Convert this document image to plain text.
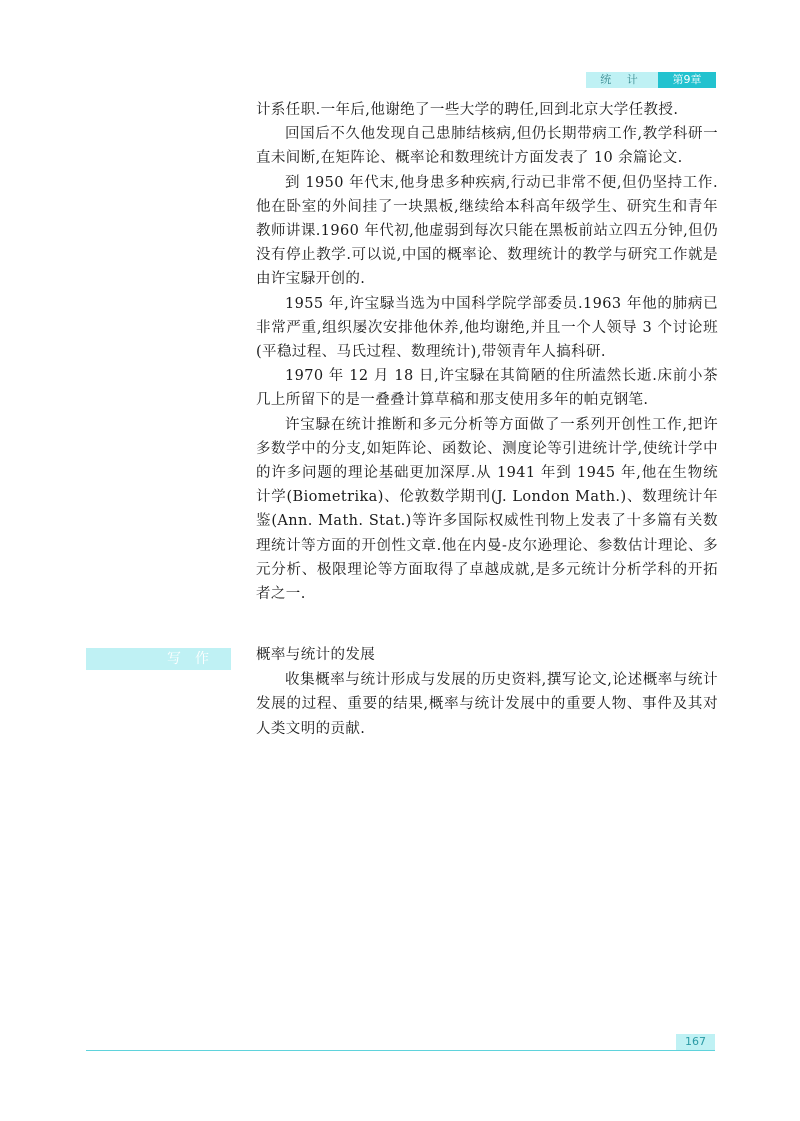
统 计	第9章

计系任职.一年后,他谢绝了一些大学的聘任,回到北京大学任教授.

回国后不久他发现自己患肺结核病,但仍长期带病工作,教学科研一直未间断,在矩阵论、概率论和数理统计方面发表了 10 余篇论文.

到 1950 年代末,他身患多种疾病,行动已非常不便,但仍坚持工作.他在卧室的外间挂了一块黑板,继续给本科高年级学生、研究生和青年教师讲课.1960 年代初,他虚弱到每次只能在黑板前站立四五分钟,但仍没有停止教学.可以说,中国的概率论、数理统计的教学与研究工作就是由许宝騄开创的.

1955 年,许宝騄当选为中国科学院学部委员.1963 年他的肺病已非常严重,组织屡次安排他休养,他均谢绝,并且一个人领导 3 个讨论班(平稳过程、马氏过程、数理统计),带领青年人搞科研.

1970 年 12 月 18 日,许宝騄在其简陋的住所溘然长逝.床前小茶几上所留下的是一叠叠计算草稿和那支使用多年的帕克钢笔.

许宝騄在统计推断和多元分析等方面做了一系列开创性工作,把许多数学中的分支,如矩阵论、函数论、测度论等引进统计学,使统计学中的许多问题的理论基础更加深厚.从 1941 年到 1945 年,他在生物统计学(Biometrika)、伦敦数学期刊(J. London Math.)、数理统计年鉴(Ann. Math. Stat.)等许多国际权威性刊物上发表了十多篇有关数理统计等方面的开创性文章.他在内曼-皮尔逊理论、参数估计理论、多元分析、极限理论等方面取得了卓越成就,是多元统计分析学科的开拓者之一.

写作	概率与统计的发展

收集概率与统计形成与发展的历史资料,撰写论文,论述概率与统计发展的过程、重要的结果,概率与统计发展中的重要人物、事件及其对人类文明的贡献.

167
